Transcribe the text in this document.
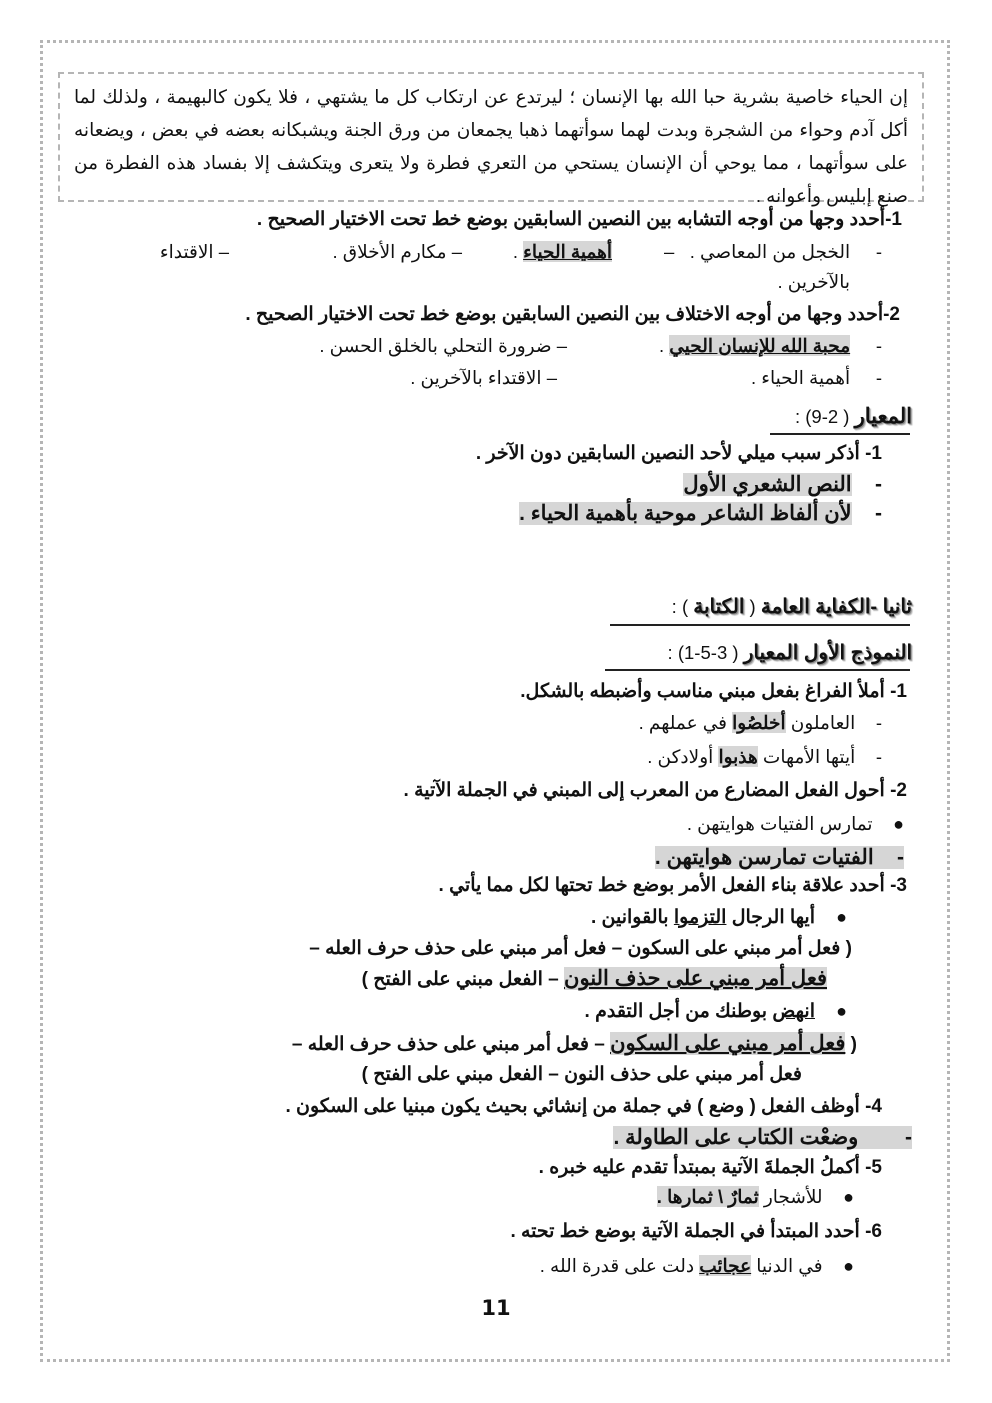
إن الحياء خاصية بشرية حبا الله بها الإنسان ؛ ليرتدع عن ارتكاب كل ما يشتهي ، فلا يكون كالبهيمة ، ولذلك لما أكل آدم وحواء من الشجرة وبدت لهما سوأتهما ذهبا يجمعان من ورق الجنة ويشبكانه بعضه في بعض ، ويضعانه على سوأتهما ، مما يوحي أن الإنسان يستحي من التعري فطرة ولا يتعرى ويتكشف إلا بفساد هذه الفطرة من صنع إبليس وأعوانه .
1-أحدد وجها من أوجه التشابه بين النصين السابقين بوضع خط تحت الاختيار الصحيح .
-     الخجل من المعاصي .   –
أهمية الحياء .
– مكارم الأخلاق .
– الاقتداء
بالآخرين .
2-أحدد وجها من أوجه الاختلاف بين النصين السابقين بوضع خط تحت الاختيار الصحيح .
-     محبة الله للإنسان الحيي .
– ضرورة التحلي بالخلق الحسن .
-     أهمية الحياء .
– الاقتداء بالآخرين .
المعيار ( 2-9) :
1- أذكر سبب ميلي لأحد النصين السابقين دون الآخر .
-    النص الشعري الأول
-    لأن ألفاظ الشاعر موحية بأهمية الحياء .
ثانيا -الكفاية العامة ( الكتابة ) :
النموذج الأول المعيار ( 3-5-1) :
1- أملأ الفراغ بفعل مبني مناسب وأضبطه بالشكل.
-    العاملون أخلصُوا في عملهم .
-    أيتها الأمهات هذبوا أولادكن .
2- أحول الفعل المضارع من المعرب إلى المبني في الجملة الآتية .
●    تمارس الفتيات هوايتهن .
-    الفتيات تمارسن هوايتهن .
3- أحدد علاقة بناء الفعل الأمر بوضع خط تحتها لكل مما يأتي .
●    أيها الرجال التزموا بالقوانين .
( فعل أمر مبني على السكون – فعل أمر مبني على حذف حرف العله –
فعل أمر مبني على حذف النون – الفعل مبني على الفتح )
●    انهض بوطنك من أجل التقدم .
( فعل أمر مبني على السكون – فعل أمر مبني على حذف حرف العله –
فعل أمر مبني على حذف النون – الفعل مبني على الفتح )
4- أوظف الفعل ( وضع ) في جملة من إنشائي بحيث يكون مبنيا على السكون .
-        وضعْت الكتاب على الطاولة .
5- أكملُ الجملةَ الآتية بمبتدأ تقدم عليه خبره .
●    للأشجار ثمارٌ \ ثمارها .
6- أحدد المبتدأ في الجملة الآتية بوضع خط تحته .
●    في الدنيا عجائب دلت على قدرة الله .
11
